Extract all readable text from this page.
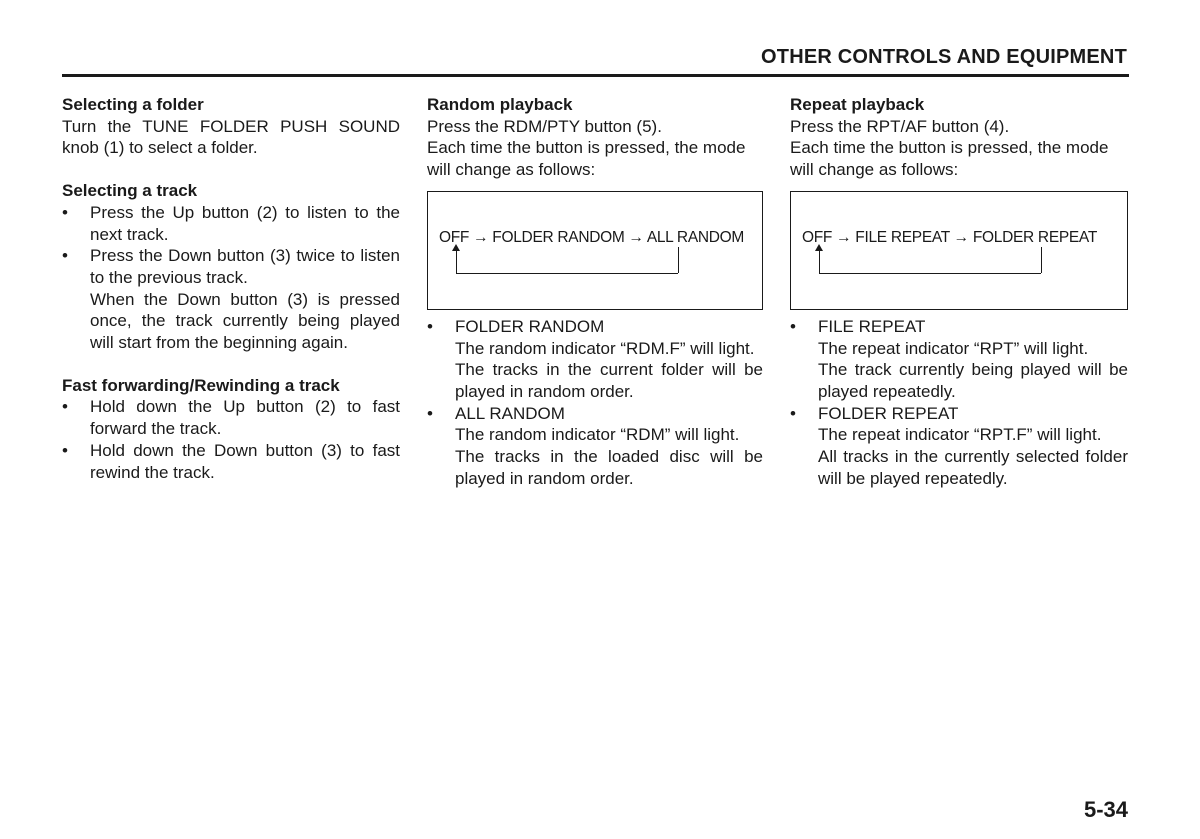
OTHER CONTROLS AND EQUIPMENT
Selecting a folder
Turn the TUNE FOLDER PUSH SOUND knob (1) to select a folder.
Selecting a track
• Press the Up button (2) to listen to the next track.
• Press the Down button (3) twice to listen to the previous track.
When the Down button (3) is pressed once, the track currently being played will start from the beginning again.
Fast forwarding/Rewinding a track
• Hold down the Up button (2) to fast forward the track.
• Hold down the Down button (3) to fast rewind the track.
Random playback
Press the RDM/PTY button (5).
Each time the button is pressed, the mode will change as follows:
OFF → FOLDER RANDOM → ALL RANDOM
• FOLDER RANDOM
The random indicator “RDM.F” will light.
The tracks in the current folder will be played in random order.
• ALL RANDOM
The random indicator “RDM” will light.
The tracks in the loaded disc will be played in random order.
Repeat playback
Press the RPT/AF button (4).
Each time the button is pressed, the mode will change as follows:
OFF → FILE REPEAT → FOLDER REPEAT
• FILE REPEAT
The repeat indicator “RPT” will light.
The track currently being played will be played repeatedly.
• FOLDER REPEAT
The repeat indicator “RPT.F” will light.
All tracks in the currently selected folder will be played repeatedly.
5-34
